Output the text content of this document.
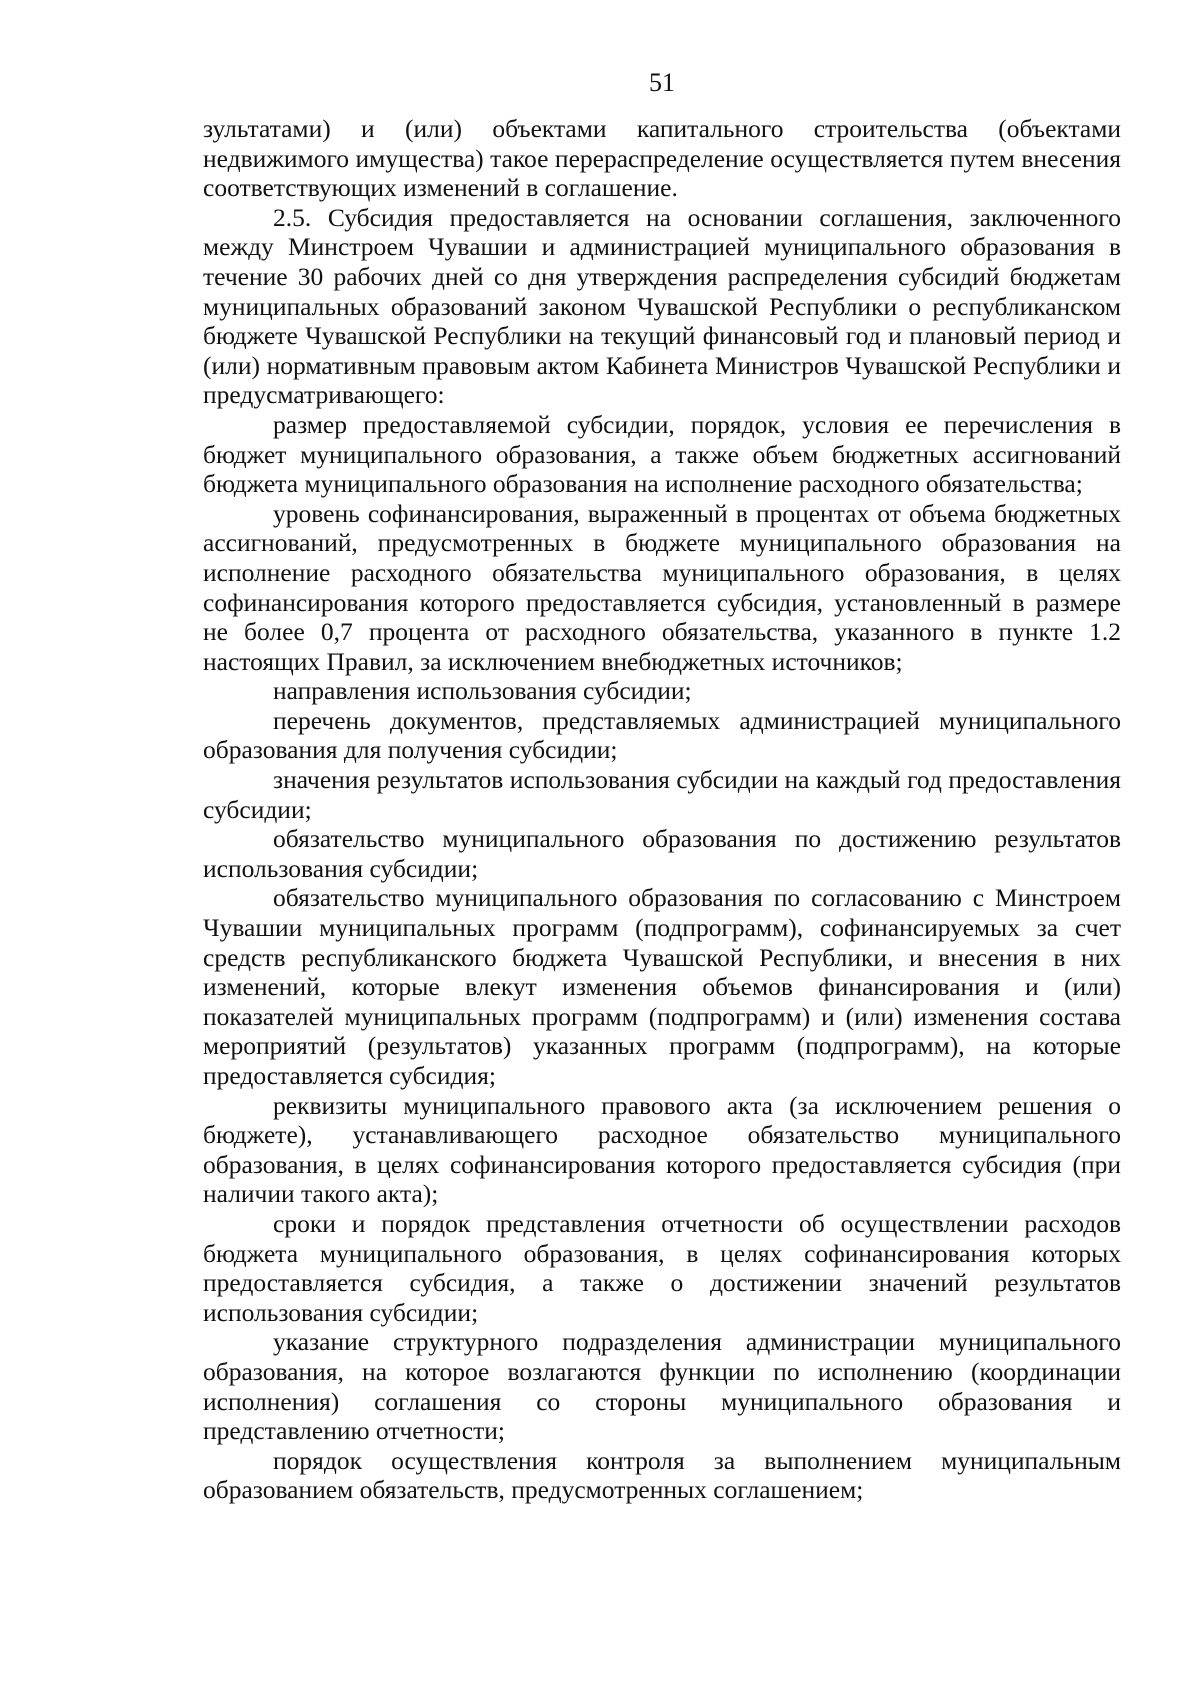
51

зультатами) и (или) объектами капитального строительства (объектами недвижимого имущества) такое перераспределение осуществляется путем внесения соответствующих изменений в соглашение.

2.5. Субсидия предоставляется на основании соглашения, заключенного между Минстроем Чувашии и администрацией муниципального образования в течение 30 рабочих дней со дня утверждения распределения субсидий бюджетам муниципальных образований законом Чувашской Республики о республиканском бюджете Чувашской Республики на текущий финансовый год и плановый период и (или) нормативным правовым актом Кабинета Министров Чувашской Республики и предусматривающего:

размер предоставляемой субсидии, порядок, условия ее перечисления в бюджет муниципального образования, а также объем бюджетных ассигнований бюджета муниципального образования на исполнение расходного обязательства;

уровень софинансирования, выраженный в процентах от объема бюджетных ассигнований, предусмотренных в бюджете муниципального образования на исполнение расходного обязательства муниципального образования, в целях софинансирования которого предоставляется субсидия, установленный в размере не более 0,7 процента от расходного обязательства, указанного в пункте 1.2 настоящих Правил, за исключением внебюджетных источников;

направления использования субсидии;

перечень документов, представляемых администрацией муниципального образования для получения субсидии;

значения результатов использования субсидии на каждый год предоставления субсидии;

обязательство муниципального образования по достижению результатов использования субсидии;

обязательство муниципального образования по согласованию с Минстроем Чувашии муниципальных программ (подпрограмм), софинансируемых за счет средств республиканского бюджета Чувашской Республики, и внесения в них изменений, которые влекут изменения объемов финансирования и (или) показателей муниципальных программ (подпрограмм) и (или) изменения состава мероприятий (результатов) указанных программ (подпрограмм), на которые предоставляется субсидия;

реквизиты муниципального правового акта (за исключением решения о бюджете), устанавливающего расходное обязательство муниципального образования, в целях софинансирования которого предоставляется субсидия (при наличии такого акта);

сроки и порядок представления отчетности об осуществлении расходов бюджета муниципального образования, в целях софинансирования которых предоставляется субсидия, а также о достижении значений результатов использования субсидии;

указание структурного подразделения администрации муниципального образования, на которое возлагаются функции по исполнению (координации исполнения) соглашения со стороны муниципального образования и представлению отчетности;

порядок осуществления контроля за выполнением муниципальным образованием обязательств, предусмотренных соглашением;
